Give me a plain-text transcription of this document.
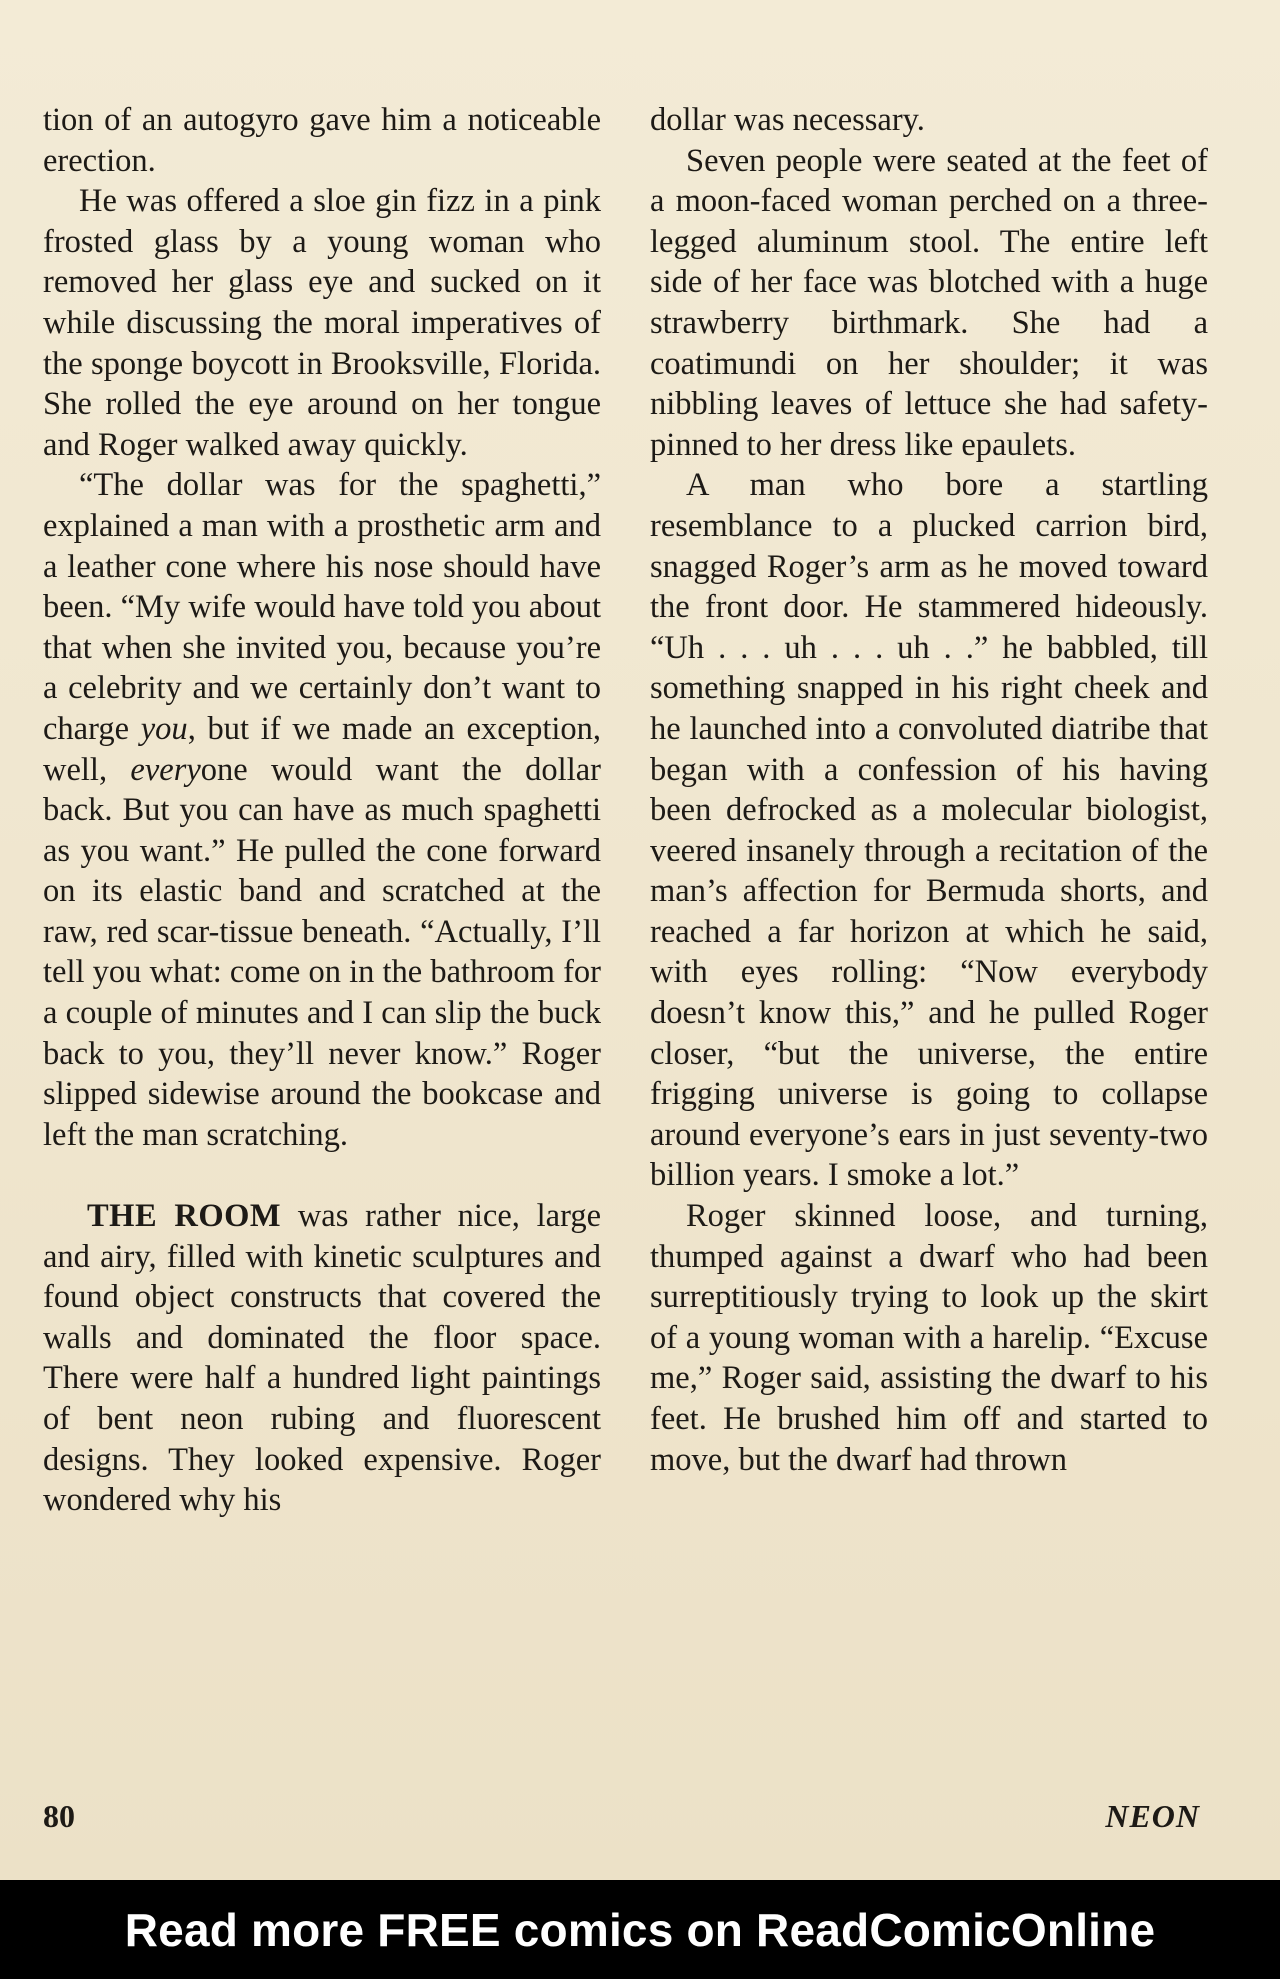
tion of an autogyro gave him a noticeable erection.

He was offered a sloe gin fizz in a pink frosted glass by a young woman who removed her glass eye and sucked on it while discussing the moral imperatives of the sponge boycott in Brooksville, Florida. She rolled the eye around on her tongue and Roger walked away quickly.

“The dollar was for the spaghetti,” explained a man with a prosthetic arm and a leather cone where his nose should have been. “My wife would have told you about that when she invited you, because you’re a celebrity and we certainly don’t want to charge you, but if we made an exception, well, everyone would want the dollar back. But you can have as much spaghetti as you want.” He pulled the cone forward on its elastic band and scratched at the raw, red scar-tissue beneath. “Actually, I’ll tell you what: come on in the bathroom for a couple of minutes and I can slip the buck back to you, they’ll never know.” Roger slipped sidewise around the bookcase and left the man scratching.

THE ROOM was rather nice, large and airy, filled with kinetic sculptures and found object constructs that covered the walls and dominated the floor space. There were half a hundred light paintings of bent neon rubing and fluorescent designs. They looked expensive. Roger wondered why his

dollar was necessary.

Seven people were seated at the feet of a moon-faced woman perched on a three-legged aluminum stool. The entire left side of her face was blotched with a huge strawberry birthmark. She had a coatimundi on her shoulder; it was nibbling leaves of lettuce she had safety-pinned to her dress like epaulets.

A man who bore a startling resemblance to a plucked carrion bird, snagged Roger’s arm as he moved toward the front door. He stammered hideously. “Uh . . . uh . . . uh . .” he babbled, till something snapped in his right cheek and he launched into a convoluted diatribe that began with a confession of his having been defrocked as a molecular biologist, veered insanely through a recitation of the man’s affection for Bermuda shorts, and reached a far horizon at which he said, with eyes rolling: “Now everybody doesn’t know this,” and he pulled Roger closer, “but the universe, the entire frigging universe is going to collapse around everyone’s ears in just seventy-two billion years. I smoke a lot.”

Roger skinned loose, and turning, thumped against a dwarf who had been surreptitiously trying to look up the skirt of a young woman with a harelip. “Excuse me,” Roger said, assisting the dwarf to his feet. He brushed him off and started to move, but the dwarf had thrown

80	NEON
Read more FREE comics on ReadComicOnline
